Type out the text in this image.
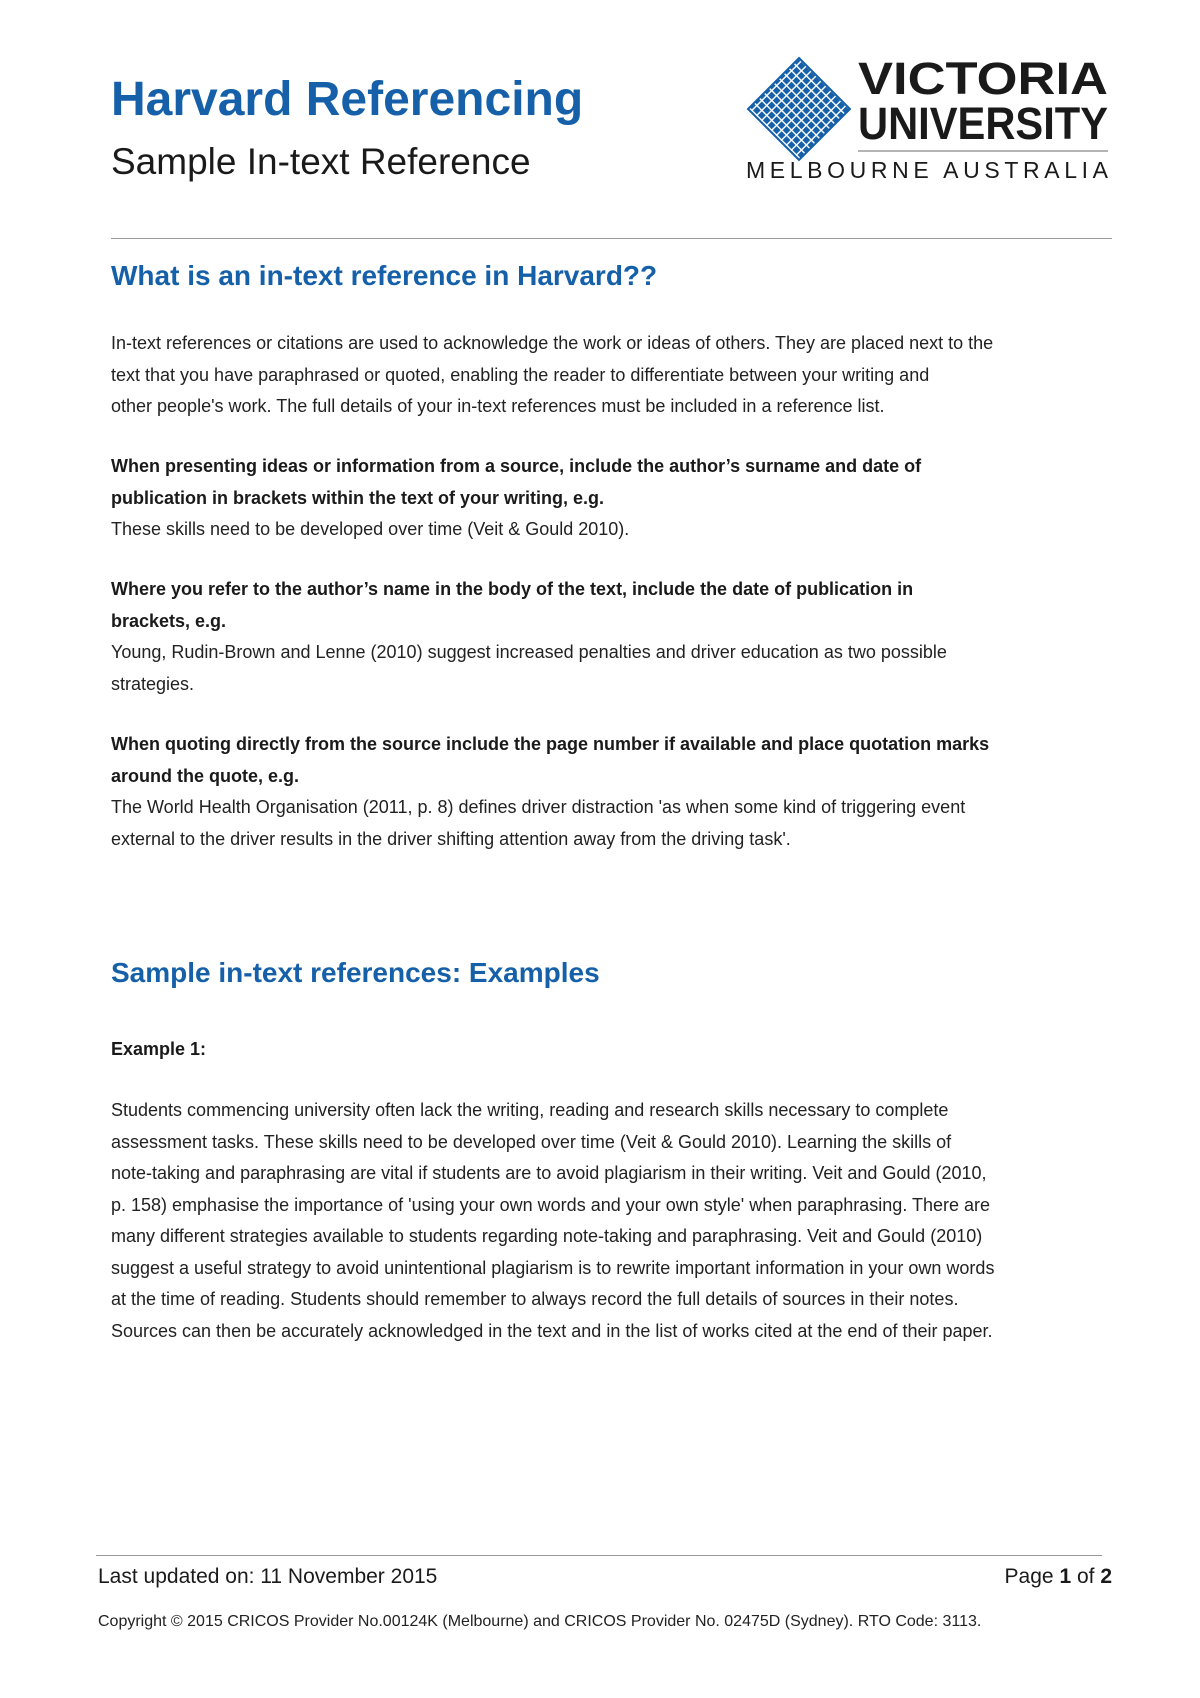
Harvard Referencing
Sample In-text Reference
VICTORIA
UNIVERSITY
MELBOURNE AUSTRALIA
What is an in-text reference in Harvard??
In-text references or citations are used to acknowledge the work or ideas of others. They are placed next to the
text that you have paraphrased or quoted, enabling the reader to differentiate between your writing and
other people's work. The full details of your in-text references must be included in a reference list.
When presenting ideas or information from a source, include the author’s surname and date of
publication in brackets within the text of your writing, e.g.
These skills need to be developed over time (Veit & Gould 2010).
Where you refer to the author’s name in the body of the text, include the date of publication in
brackets, e.g.
Young, Rudin-Brown and Lenne (2010) suggest increased penalties and driver education as two possible
strategies.
When quoting directly from the source include the page number if available and place quotation marks
around the quote, e.g.
The World Health Organisation (2011, p. 8) defines driver distraction 'as when some kind of triggering event
external to the driver results in the driver shifting attention away from the driving task'.
Sample in-text references: Examples
Example 1:
Students commencing university often lack the writing, reading and research skills necessary to complete
assessment tasks. These skills need to be developed over time (Veit & Gould 2010). Learning the skills of
note-taking and paraphrasing are vital if students are to avoid plagiarism in their writing. Veit and Gould (2010,
p. 158) emphasise the importance of 'using your own words and your own style' when paraphrasing. There are
many different strategies available to students regarding note-taking and paraphrasing. Veit and Gould (2010)
suggest a useful strategy to avoid unintentional plagiarism is to rewrite important information in your own words
at the time of reading. Students should remember to always record the full details of sources in their notes.
Sources can then be accurately acknowledged in the text and in the list of works cited at the end of their paper.
Last updated on: 11 November 2015	Page 1 of 2
Copyright © 2015 CRICOS Provider No.00124K (Melbourne) and CRICOS Provider No. 02475D (Sydney). RTO Code: 3113.
